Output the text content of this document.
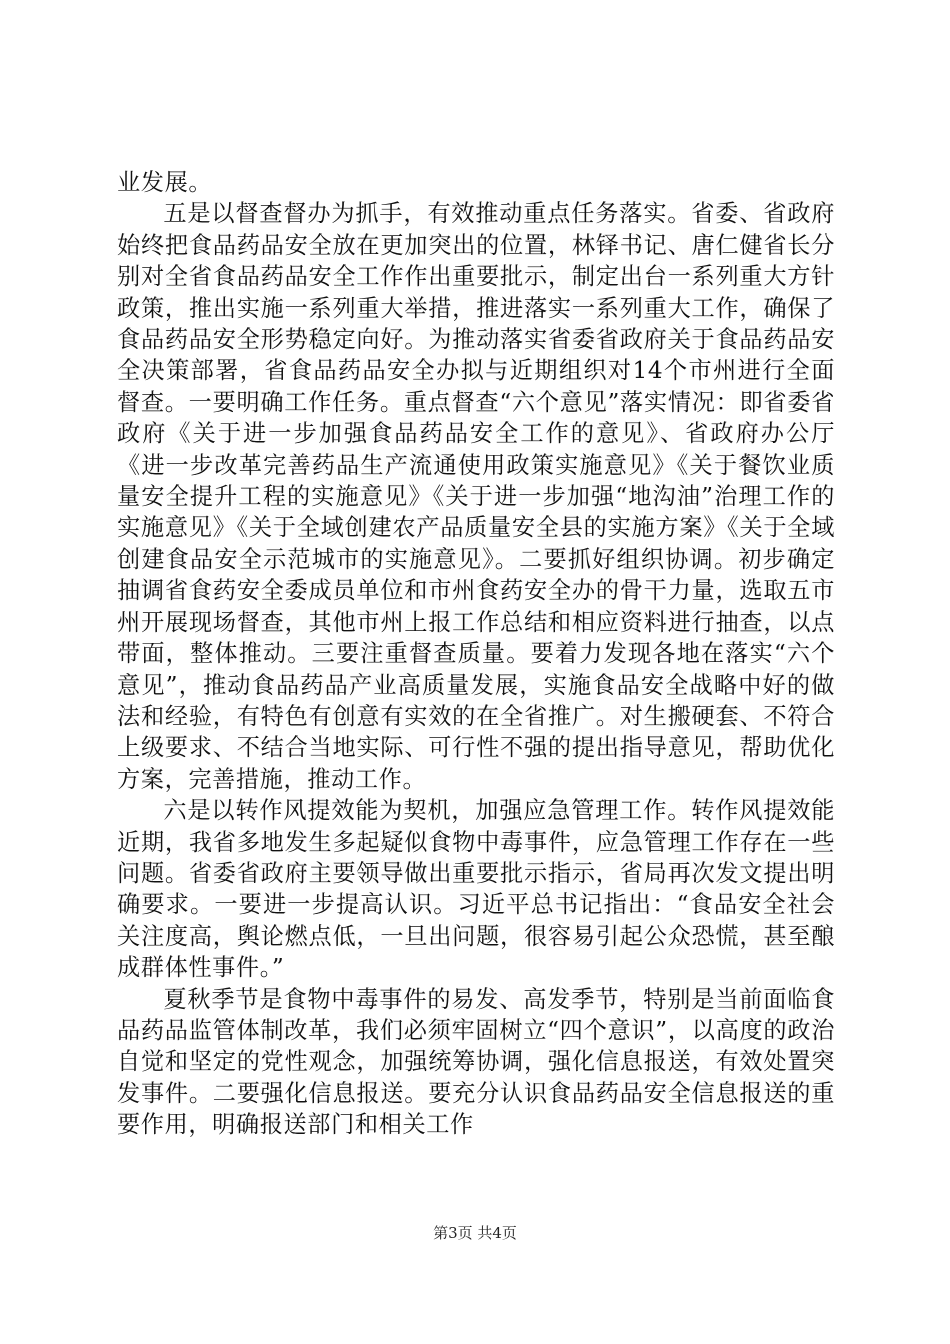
业发展。

五是以督查督办为抓手，有效推动重点任务落实。省委、省政府始终把食品药品安全放在更加突出的位置，林铎书记、唐仁健省长分别对全省食品药品安全工作作出重要批示，制定出台一系列重大方针政策，推出实施一系列重大举措，推进落实一系列重大工作，确保了食品药品安全形势稳定向好。为推动落实省委省政府关于食品药品安全决策部署，省食品药品安全办拟与近期组织对14个市州进行全面督查。一要明确工作任务。重点督查“六个意见”落实情况：即省委省政府《关于进一步加强食品药品安全工作的意见》、省政府办公厅《进一步改革完善药品生产流通使用政策实施意见》《关于餐饮业质量安全提升工程的实施意见》《关于进一步加强“地沟油”治理工作的实施意见》《关于全域创建农产品质量安全县的实施方案》《关于全域创建食品安全示范城市的实施意见》。二要抓好组织协调。初步确定抽调省食药安全委成员单位和市州食药安全办的骨干力量，选取五市州开展现场督查，其他市州上报工作总结和相应资料进行抽查，以点带面，整体推动。三要注重督查质量。要着力发现各地在落实“六个意见”，推动食品药品产业高质量发展，实施食品安全战略中好的做法和经验，有特色有创意有实效的在全省推广。对生搬硬套、不符合上级要求、不结合当地实际、可行性不强的提出指导意见，帮助优化方案，完善措施，推动工作。

六是以转作风提效能为契机，加强应急管理工作。转作风提效能近期，我省多地发生多起疑似食物中毒事件，应急管理工作存在一些问题。省委省政府主要领导做出重要批示指示，省局再次发文提出明确要求。一要进一步提高认识。习近平总书记指出：“食品安全社会关注度高，舆论燃点低，一旦出问题，很容易引起公众恐慌，甚至酿成群体性事件。”

夏秋季节是食物中毒事件的易发、高发季节，特别是当前面临食品药品监管体制改革，我们必须牢固树立“四个意识”，以高度的政治自觉和坚定的党性观念，加强统筹协调，强化信息报送，有效处置突发事件。二要强化信息报送。要充分认识食品药品安全信息报送的重要作用，明确报送部门和相关工作

第3页 共4页
